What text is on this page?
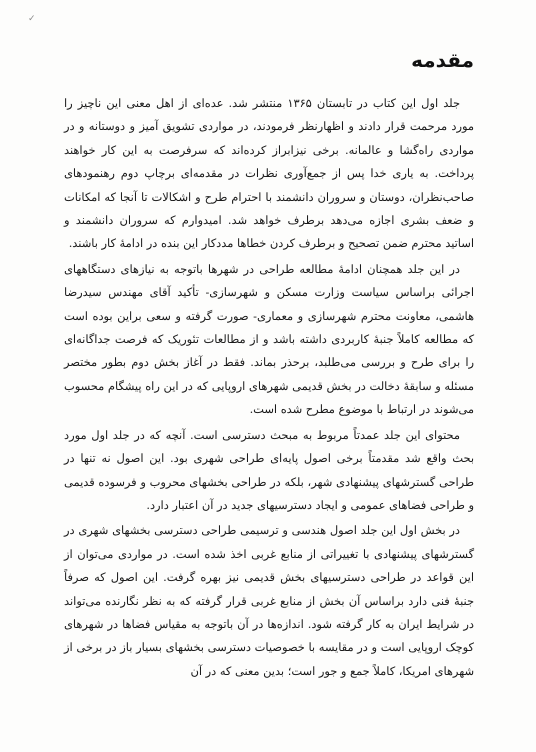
✓
مقدمه

جلد اول این کتاب در تابستان ۱۳۶۵ منتشر شد. عده‌ای از اهل معنی این ناچیز را مورد مرحمت قرار دادند و اظهارنظر فرمودند، در مواردی تشویق آمیز و دوستانه و در مواردی راه‌گشا و عالمانه. برخی نیزابراز کرده‌اند که سرفرصت به این کار خواهند پرداخت. به یاری خدا پس از جمع‌آوری نظرات در مقدمه‌ای برچاپ دوم رهنمودهای صاحب‌نظران، دوستان و سروران دانشمند با احترام طرح و اشکالات تا آنجا که امکانات و ضعف بشری اجازه می‌دهد برطرف خواهد شد. امیدوارم که سروران دانشمند و اساتید محترم ضمن تصحیح و برطرف کردن خطاها مددکار این بنده در ادامهٔ کار باشند.

در این جلد همچنان ادامهٔ مطالعه طراحی در شهرها باتوجه به نیازهای دستگاههای اجرائی براساس سیاست وزارت مسکن و شهرسازی- تأکید آقای مهندس سیدرضا هاشمی، معاونت محترم شهرسازی و معماری- صورت گرفته و سعی براین بوده است که مطالعه کاملاً جنبهٔ کاربردی داشته باشد و از مطالعات تئوریک که فرصت جداگانه‌ای را برای طرح و بررسی می‌طلبد، برحذر بماند. فقط در آغاز بخش دوم بطور مختصر مسئله و سابقهٔ دخالت در بخش قدیمی شهرهای اروپایی که در این راه پیشگام محسوب می‌شوند در ارتباط با موضوع مطرح شده است.

محتوای این جلد عمدتاً مربوط به مبحث دسترسی است. آنچه که در جلد اول مورد بحث واقع شد مقدمتاً برخی اصول پایه‌ای طراحی شهری بود. این اصول نه تنها در طراحی گسترشهای پیشنهادی شهر، بلکه در طراحی بخشهای محروب و فرسوده قدیمی و طراحی فضاهای عمومی و ایجاد دسترسیهای جدید در آن اعتبار دارد.

در بخش اول این جلد اصول هندسی و ترسیمی طراحی دسترسی بخشهای شهری در گسترشهای پیشنهادی با تغییراتی از منابع غربی اخذ شده است. در مواردی می‌توان از این قواعد در طراحی دسترسیهای بخش قدیمی نیز بهره گرفت. این اصول که صرفاً جنبهٔ فنی دارد براساس آن بخش از منابع غربی قرار گرفته که به نظر نگارنده می‌تواند در شرایط ایران به کار گرفته شود. اندازه‌ها در آن باتوجه به مقیاس فضاها در شهرهای کوچک اروپایی است و در مقایسه با خصوصیات دسترسی بخشهای بسیار باز در برخی از شهرهای امریکا، کاملاً جمع و جور است؛ بدین معنی که در آن
